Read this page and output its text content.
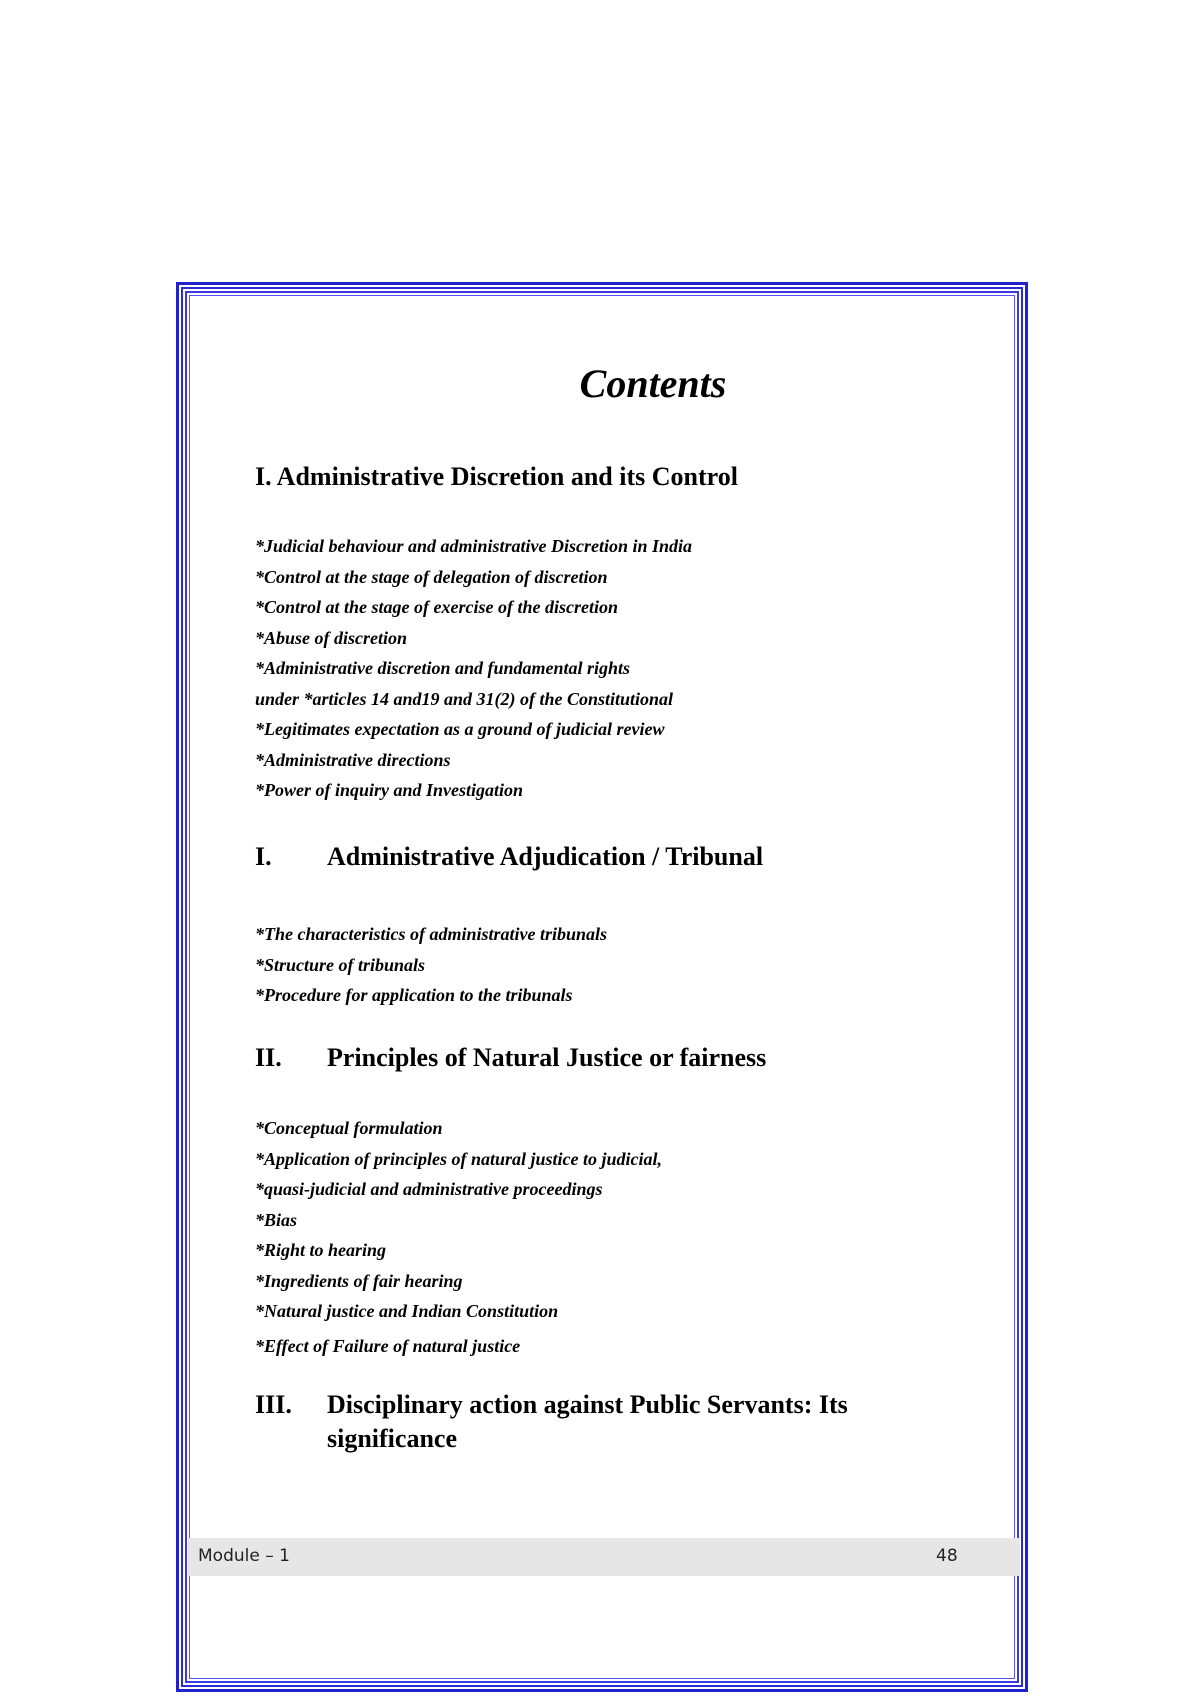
Contents
I. Administrative Discretion and its Control
*Judicial behaviour and administrative Discretion in India
*Control at the stage of delegation of discretion
*Control at the stage of exercise of the discretion
*Abuse of discretion
*Administrative discretion and fundamental rights
under *articles 14 and19 and 31(2) of the Constitutional
*Legitimates expectation as a ground of judicial review
*Administrative directions
*Power of inquiry and Investigation
I. Administrative Adjudication / Tribunal
*The characteristics of administrative tribunals
*Structure of tribunals
*Procedure for application to the tribunals
II. Principles of Natural Justice or fairness
*Conceptual formulation
*Application of principles of natural justice to judicial,
*quasi-judicial and administrative proceedings
*Bias
*Right to hearing
*Ingredients of fair hearing
*Natural justice and Indian Constitution
*Effect of Failure of natural justice
III. Disciplinary action against Public Servants: Its
significance
Module – 1	48
